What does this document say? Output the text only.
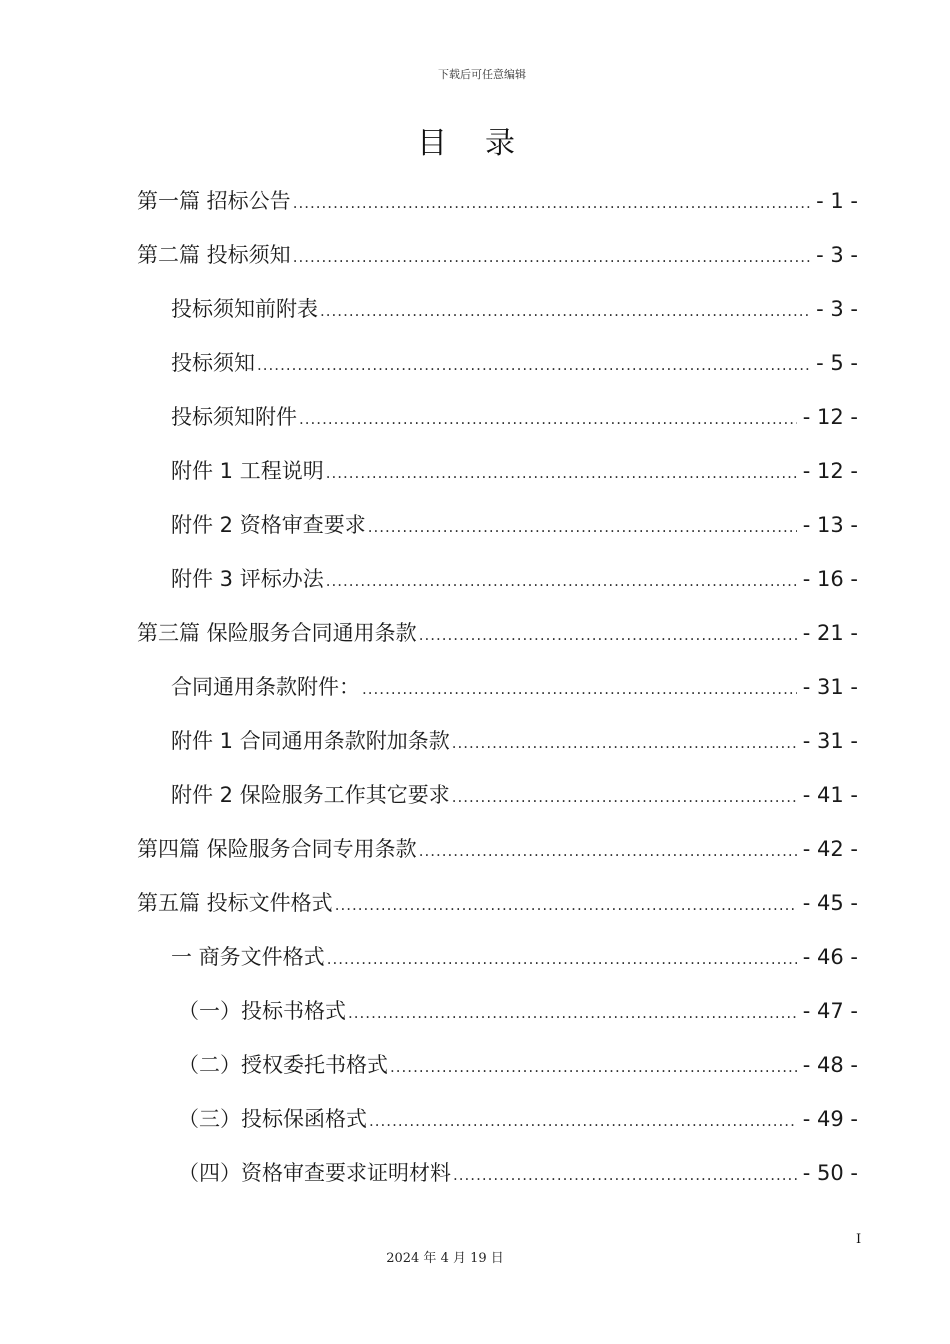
下载后可任意编辑
目录
第一篇 招标公告 .....	- 1 -
第二篇 投标须知 .....	- 3 -
投标须知前附表 .....	- 3 -
投标须知 .....	- 5 -
投标须知附件 .....	- 12 -
附件 1 工程说明 .....	- 12 -
附件 2 资格审查要求 .....	- 13 -
附件 3 评标办法 .....	- 16 -
第三篇 保险服务合同通用条款 .....	- 21 -
合同通用条款附件： .....	- 31 -
附件 1 合同通用条款附加条款 .....	- 31 -
附件 2 保险服务工作其它要求 .....	- 41 -
第四篇 保险服务合同专用条款 .....	- 42 -
第五篇 投标文件格式 .....	- 45 -
一 商务文件格式 .....	- 46 -
（一）投标书格式 .....	- 47 -
（二）授权委托书格式 .....	- 48 -
（三）投标保函格式 .....	- 49 -
（四）资格审查要求证明材料 .....	- 50 -
I
2024 年 4 月 19 日
